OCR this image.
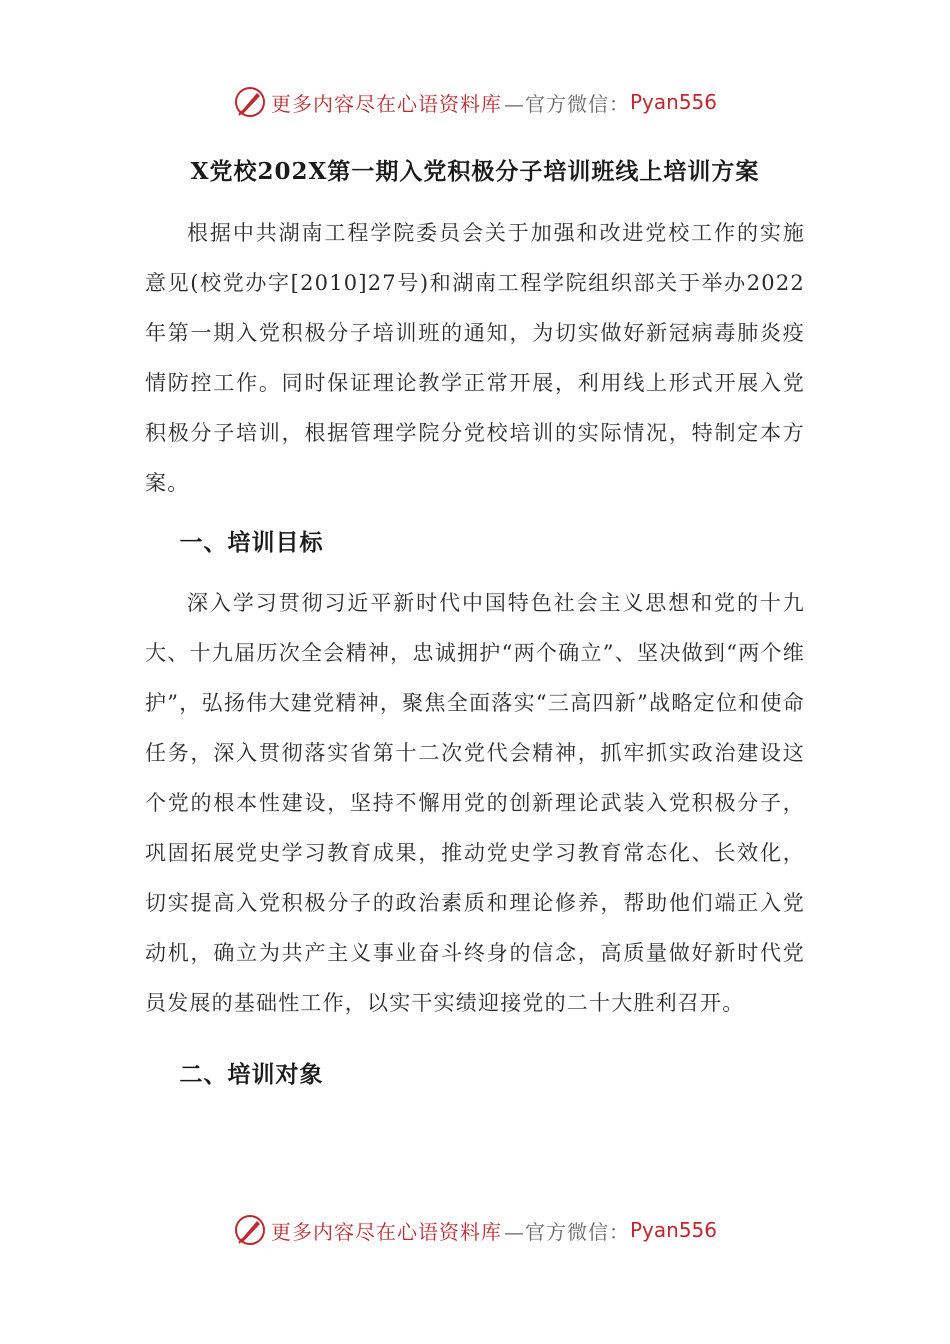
更多内容尽在心语资料库 —官方微信： Pyan556
X党校202X第一期入党积极分子培训班线上培训方案

根据中共湖南工程学院委员会关于加强和改进党校工作的实施意见(校党办字[2010]27号)和湖南工程学院组织部关于举办2022年第一期入党积极分子培训班的通知，为切实做好新冠病毒肺炎疫情防控工作。同时保证理论教学正常开展，利用线上形式开展入党积极分子培训，根据管理学院分党校培训的实际情况，特制定本方案。

一、培训目标

深入学习贯彻习近平新时代中国特色社会主义思想和党的十九大、十九届历次全会精神，忠诚拥护“两个确立”、坚决做到“两个维护”，弘扬伟大建党精神，聚焦全面落实“三高四新”战略定位和使命任务，深入贯彻落实省第十二次党代会精神，抓牢抓实政治建设这个党的根本性建设，坚持不懈用党的创新理论武装入党积极分子，巩固拓展党史学习教育成果，推动党史学习教育常态化、长效化，切实提高入党积极分子的政治素质和理论修养，帮助他们端正入党动机，确立为共产主义事业奋斗终身的信念，高质量做好新时代党员发展的基础性工作，以实干实绩迎接党的二十大胜利召开。

二、培训对象

更多内容尽在心语资料库 —官方微信： Pyan556
